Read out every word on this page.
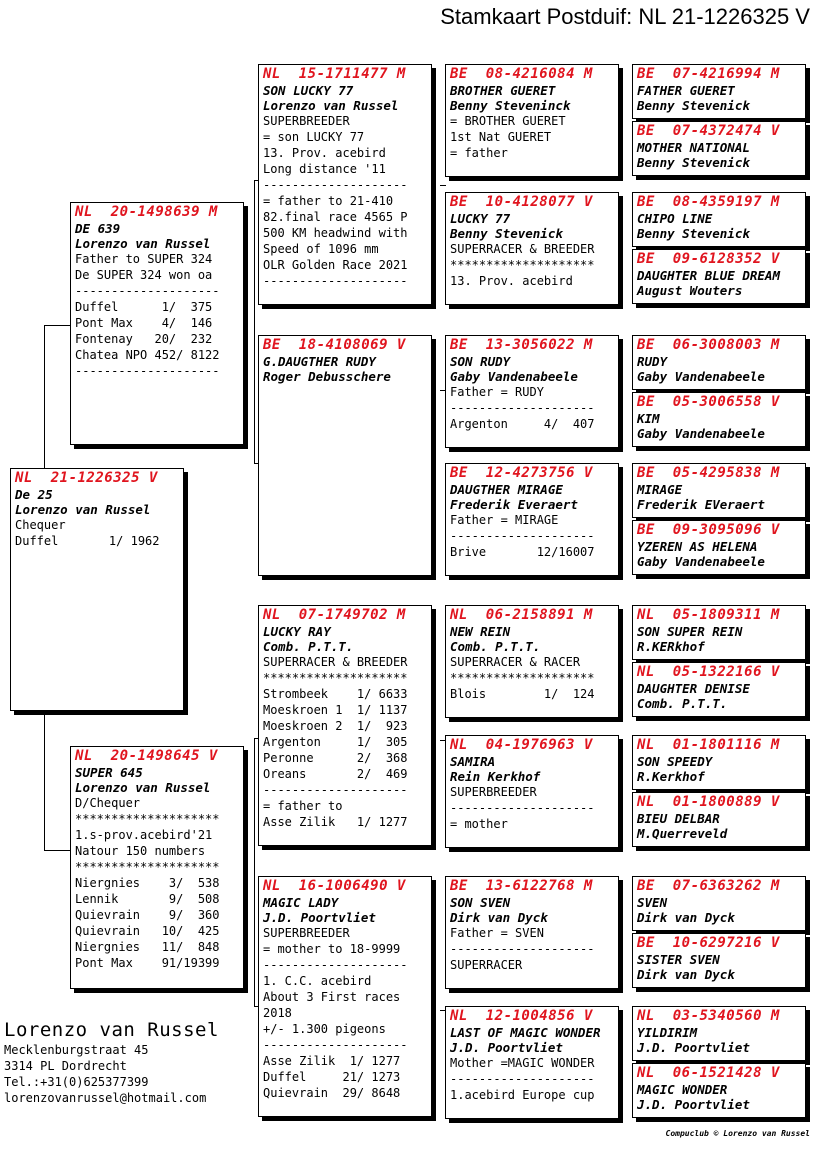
Stamkaart Postduif: NL 21-1226325 V
NL  21-1226325 V
De 25
Lorenzo van Russel
Chequer
Duffel       1/ 1962
NL  20-1498639 M
DE 639
Lorenzo van Russel
Father to SUPER 324
De SUPER 324 won oa
--------------------
Duffel      1/  375
Pont Max    4/  146
Fontenay   20/  232
Chatea NPO 452/ 8122
--------------------
NL  20-1498645 V
SUPER 645
Lorenzo van Russel
D/Chequer
********************
1.s-prov.acebird'21
Natour 150 numbers
********************
Niergnies    3/  538
Lennik       9/  508
Quievrain    9/  360
Quievrain   10/  425
Niergnies   11/  848
Pont Max    91/19399
NL  15-1711477 M
SON LUCKY 77
Lorenzo van Russel
SUPERBREEDER
= son LUCKY 77
13. Prov. acebird
Long distance '11
--------------------
= father to 21-410
82.final race 4565 P
500 KM headwind with
Speed of 1096 mm
OLR Golden Race 2021
--------------------
BE  18-4108069 V
G.DAUGTHER RUDY
Roger Debusschere
NL  07-1749702 M
LUCKY RAY
Comb. P.T.T.
SUPERRACER & BREEDER
********************
Strombeek    1/ 6633
Moeskroen 1  1/ 1137
Moeskroen 2  1/  923
Argenton     1/  305
Peronne      2/  368
Oreans       2/  469
--------------------
= father to
Asse Zilik   1/ 1277
NL  16-1006490 V
MAGIC LADY
J.D. Poortvliet
SUPERBREEDER
= mother to 18-9999
--------------------
1. C.C. acebird
About 3 First races
2018
+/- 1.300 pigeons
--------------------
Asse Zilik  1/ 1277
Duffel     21/ 1273
Quievrain  29/ 8648
BE  08-4216084 M
BROTHER GUERET
Benny Steveninck
= BROTHER GUERET
1st Nat GUERET
= father
BE  10-4128077 V
LUCKY 77
Benny Stevenick
SUPERRACER & BREEDER
********************
13. Prov. acebird
BE  13-3056022 M
SON RUDY
Gaby Vandenabeele
Father = RUDY
--------------------
Argenton     4/  407
BE  12-4273756 V
DAUGTHER MIRAGE
Frederik Everaert
Father = MIRAGE
--------------------
Brive       12/16007
NL  06-2158891 M
NEW REIN
Comb. P.T.T.
SUPERRACER & RACER
********************
Blois        1/  124
NL  04-1976963 V
SAMIRA
Rein Kerkhof
SUPERBREEDER
--------------------
= mother
BE  13-6122768 M
SON SVEN
Dirk van Dyck
Father = SVEN
--------------------
SUPERRACER
NL  12-1004856 V
LAST OF MAGIC WONDER
J.D. Poortvliet
Mother =MAGIC WONDER
--------------------
1.acebird Europe cup
BE  07-4216994 M
FATHER GUERET
Benny Stevenick
BE  07-4372474 V
MOTHER NATIONAL
Benny Stevenick
BE  08-4359197 M
CHIPO LINE
Benny Stevenick
BE  09-6128352 V
DAUGHTER BLUE DREAM
August Wouters
BE  06-3008003 M
RUDY
Gaby Vandenabeele
BE  05-3006558 V
KIM
Gaby Vandenabeele
BE  05-4295838 M
MIRAGE
Frederik EVeraert
BE  09-3095096 V
YZEREN AS HELENA
Gaby Vandenabeele
NL  05-1809311 M
SON SUPER REIN
R.KERkhof
NL  05-1322166 V
DAUGHTER DENISE
Comb. P.T.T.
NL  01-1801116 M
SON SPEEDY
R.Kerkhof
NL  01-1800889 V
BIEU DELBAR
M.Querreveld
BE  07-6363262 M
SVEN
Dirk van Dyck
BE  10-6297216 V
SISTER SVEN
Dirk van Dyck
NL  03-5340560 M
YILDIRIM
J.D. Poortvliet
NL  06-1521428 V
MAGIC WONDER
J.D. Poortvliet
Lorenzo van Russel
Mecklenburgstraat 45
3314 PL Dordrecht
Tel.:+31(0)625377399
lorenzovanrussel@hotmail.com
Compuclub © Lorenzo van Russel
